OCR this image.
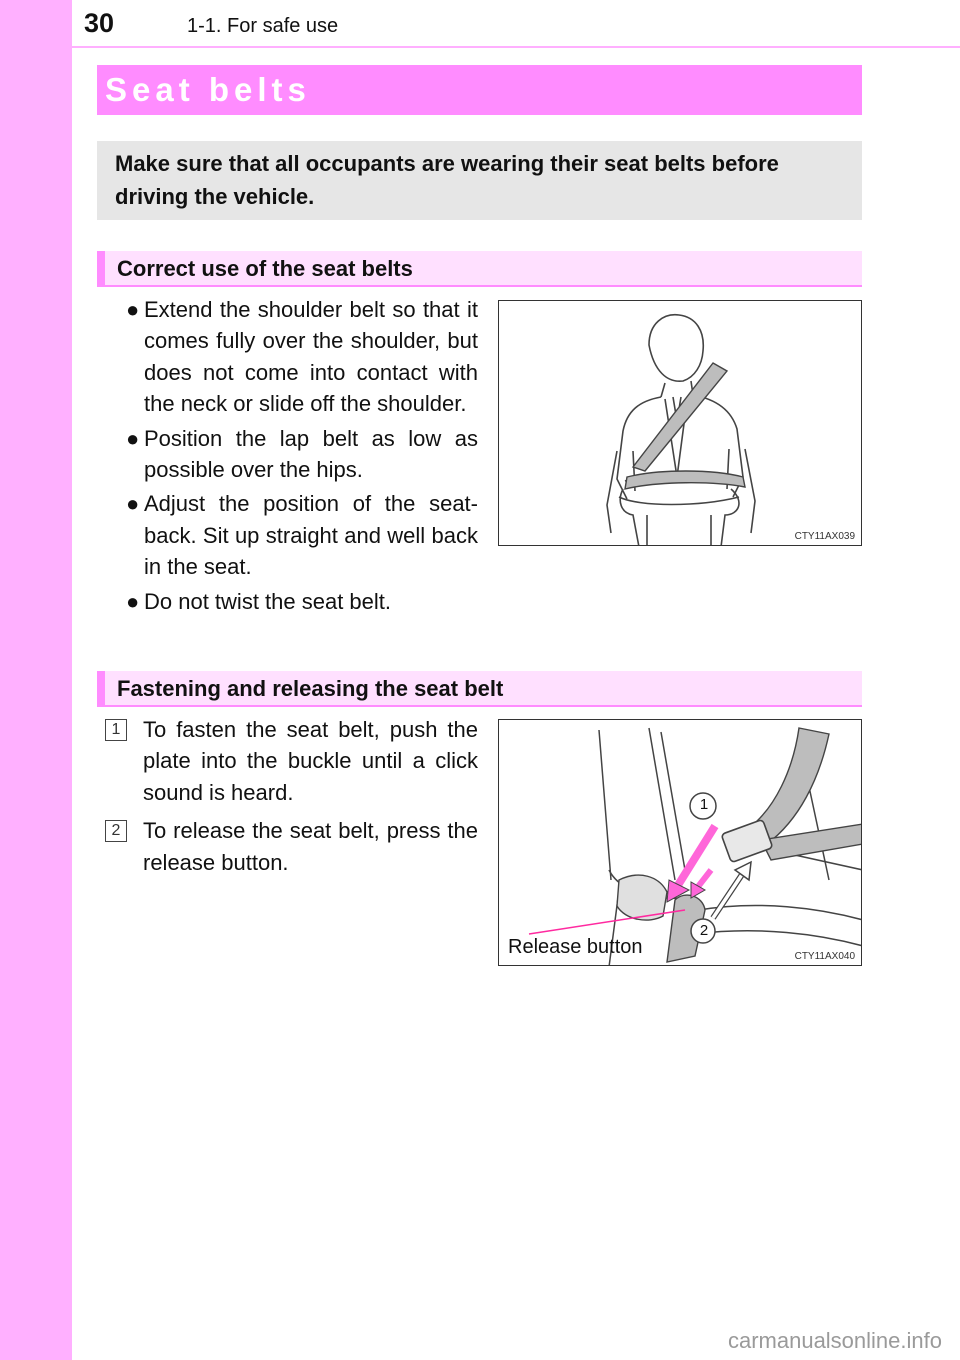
30	1-1. For safe use
Seat belts
Make sure that all occupants are wearing their seat belts before driving the vehicle.
Correct use of the seat belts
● Extend the shoulder belt so that it comes fully over the shoulder, but does not come into contact with the neck or slide off the shoulder.
● Position the lap belt as low as possible over the hips.
● Adjust the position of the seat-back. Sit up straight and well back in the seat.
● Do not twist the seat belt.
CTY11AX039
Fastening and releasing the seat belt
1 To fasten the seat belt, push the plate into the buckle until a click sound is heard.
2 To release the seat belt, press the release button.
1
2
Release button	CTY11AX040
carmanualsonline.info
